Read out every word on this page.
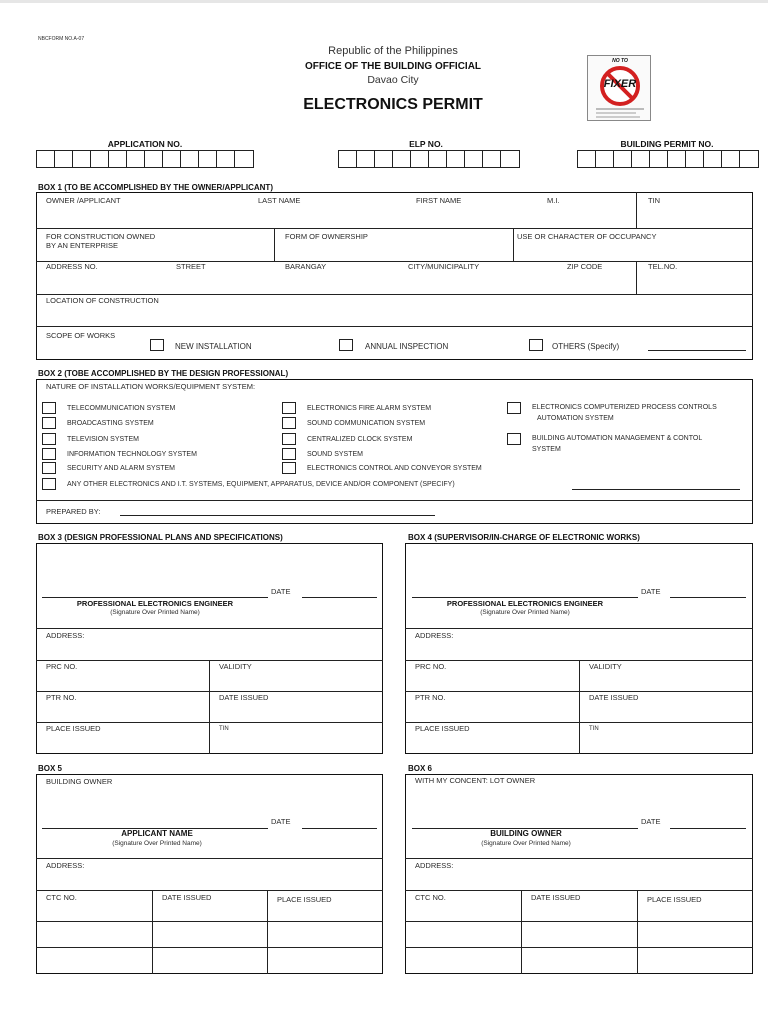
NBCFORM NO.A-07
Republic of the Philippines
OFFICE OF THE BUILDING OFFICIAL
Davao City
ELECTRONICS PERMIT
NO TO
FIXER
APPLICATION NO.	ELP NO.	BUILDING PERMIT NO.
BOX 1 (TO BE ACCOMPLISHED BY THE OWNER/APPLICANT)
OWNER /APPLICANT	LAST NAME	FIRST NAME	M.I.	TIN
FOR CONSTRUCTION OWNED
BY AN ENTERPRISE
FORM OF OWNERSHIP	USE OR CHARACTER OF OCCUPANCY
ADDRESS NO.	STREET	BARANGAY	CITY/MUNICIPALITY	ZIP CODE	TEL.NO.
LOCATION OF CONSTRUCTION
SCOPE OF WORKS
NEW INSTALLATION	ANNUAL INSPECTION	OTHERS (Specify)
BOX 2 (TOBE ACCOMPLISHED BY THE DESIGN PROFESSIONAL)
NATURE OF INSTALLATION WORKS/EQUIPMENT SYSTEM:
TELECOMMUNICATION SYSTEM
BROADCASTING SYSTEM
TELEVISION SYSTEM
INFORMATION TECHNOLOGY SYSTEM
SECURITY AND ALARM SYSTEM
ELECTRONICS FIRE ALARM SYSTEM
SOUND COMMUNICATION SYSTEM
CENTRALIZED CLOCK SYSTEM
SOUND SYSTEM
ELECTRONICS CONTROL AND CONVEYOR SYSTEM
ELECTRONICS COMPUTERIZED PROCESS CONTROLS
AUTOMATION SYSTEM
BUILDING AUTOMATION MANAGEMENT & CONTOL
SYSTEM
ANY OTHER ELECTRONICS AND I.T. SYSTEMS, EQUIPMENT, APPARATUS, DEVICE AND/OR COMPONENT (SPECIFY)
PREPARED BY:
BOX 3 (DESIGN PROFESSIONAL PLANS AND SPECIFICATIONS)
DATE
PROFESSIONAL ELECTRONICS ENGINEER
(Signature Over Printed Name)
ADDRESS:
PRC NO.	VALIDITY
PTR NO.	DATE ISSUED
PLACE ISSUED	TIN
BOX 4 (SUPERVISOR/IN-CHARGE OF ELECTRONIC WORKS)
DATE
PROFESSIONAL ELECTRONICS ENGINEER
(Signature Over Printed Name)
ADDRESS:
PRC NO.	VALIDITY
PTR NO.	DATE ISSUED
PLACE ISSUED	TIN
BOX 5
BUILDING OWNER
DATE
APPLICANT NAME
(Signature Over Printed Name)
ADDRESS:
CTC NO.	DATE ISSUED	PLACE ISSUED
BOX 6
WITH MY CONCENT: LOT OWNER
DATE
BUILDING OWNER
(Signature Over Printed Name)
ADDRESS:
CTC NO.	DATE ISSUED	PLACE ISSUED
